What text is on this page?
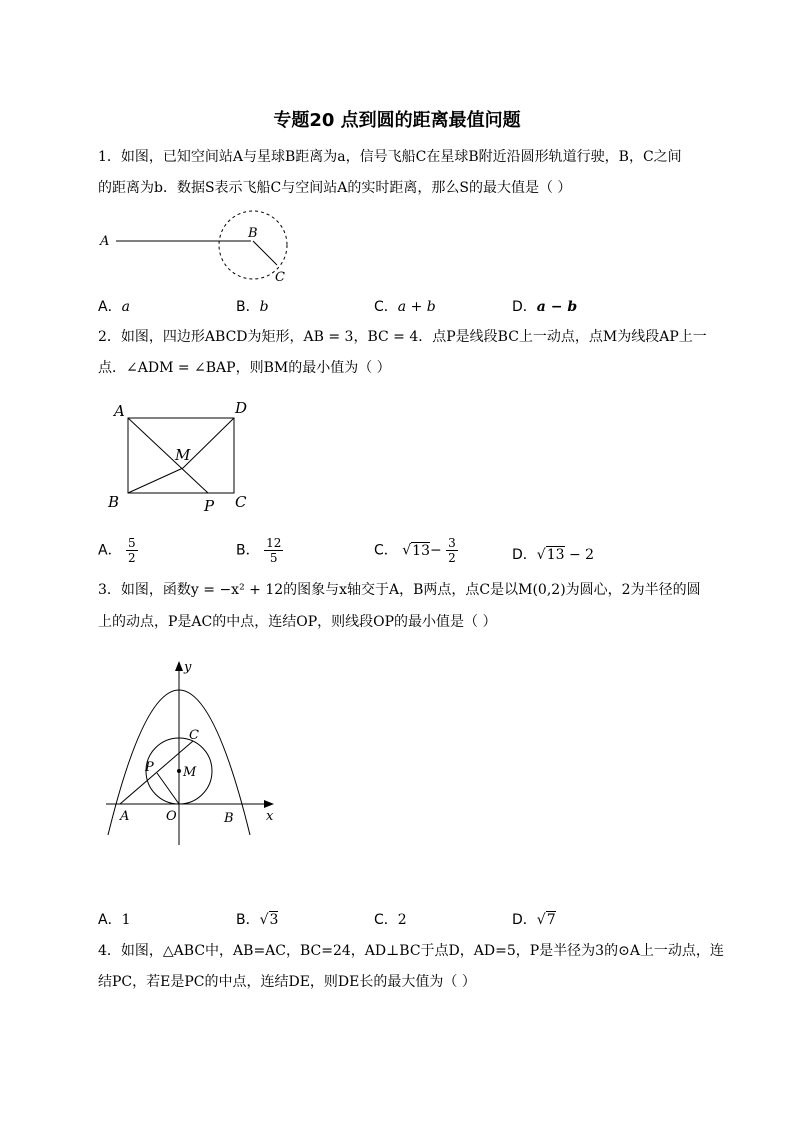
专题20 点到圆的距离最值问题
1．如图，已知空间站A与星球B距离为a，信号飞船C在星球B附近沿圆形轨道行驶，B，C之间
的距离为b．数据S表示飞船C与空间站A的实时距离，那么S的最大值是（ ）
A
B
C
A．a	B．b	C．a + b	D．a − b
2．如图，四边形ABCD为矩形，AB = 3，BC = 4．点P是线段BC上一动点，点M为线段AP上一
点．∠ADM = ∠BAP，则BM的最小值为（ ）
A	D
M
B	P C
A． $\frac{5}{2}$	B． $\frac{12}{5}$	C． $√13- \frac{3}{2}$	D．√13 − 2
3．如图，函数y = −x² + 12的图象与x轴交于A，B两点，点C是以M(0,2)为圆心，2为半径的圆
上的动点，P是AC的中点，连结OP，则线段OP的最小值是（ ）
y
C
P M
A	O	B x
A．1	B．√3	C．2	D．√7
4．如图，△ABC中，AB=AC，BC=24，AD⊥BC于点D，AD=5，P是半径为3的⊙A上一动点，连
结PC，若E是PC的中点，连结DE，则DE长的最大值为（ ）
